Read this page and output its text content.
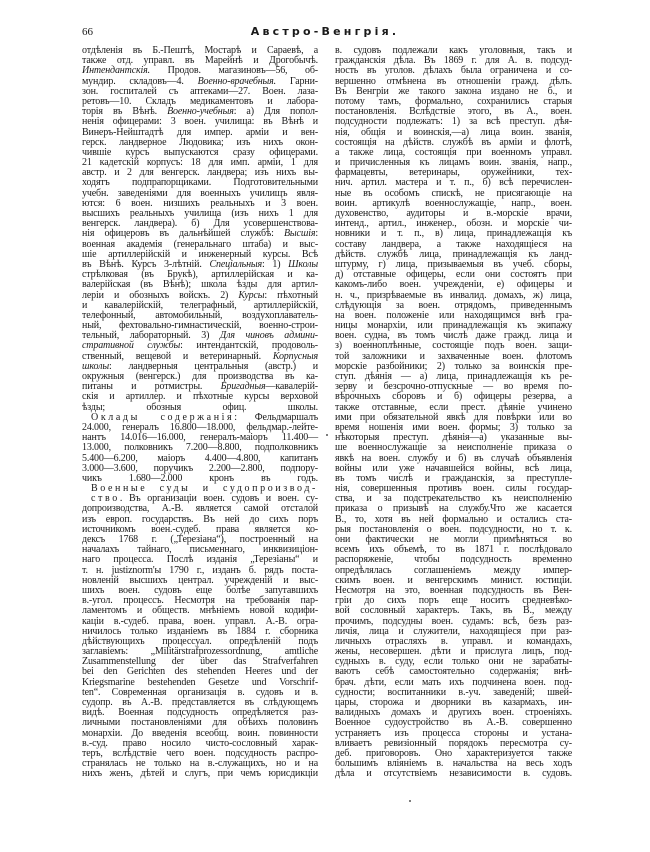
66	Австро-Венгрія.
отдѣленія въ Б.-Пештѣ, Мостарѣ и Сараевѣ, а
также отд. управл. въ Марейнѣ и Дрогобычѣ.
Интендантскія. Продов. магазиновъ—56, об-
мундир. складовъ—4. Военно-врачебныя. Гарни-
зон. госпиталей съ аптеками—27. Воен. лаза-
ретовъ—10. Складъ медикаментовъ и лабора-
торія въ Вѣнѣ. Военно-учебныя: а) Для попол-
ненія офицерами: 3 воен. училища: въ Вѣнѣ и
Винеръ-Нейштадтѣ для импер. арміи и вен-
герск. ландверное Людовика; изъ нихъ окон-
чившіе курсъ выпускаются сразу офицерами.
21 кадетскій корпусъ: 18 для имп. арміи, 1 для
австр. и 2 для венгерск. ландвера; изъ нихъ вы-
ходятъ подпрапорщиками. Подготовительными
учебн. заведеніями для военныхъ училищъ явля-
ются: 6 воен. низшихъ реальныхъ и 3 воен.
высшихъ реальныхъ училища (изъ нихъ 1 для
венгерск. ландвера). б) Для усовершенствова-
нія офицеровъ въ дальнѣйшей службѣ: Высшія:
военная академія (генеральнаго штаба) и выс-
шіе артиллерійскій и инженерный курсы. Всѣ
въ Вѣнѣ. Курсъ 3-лѣтній. Спеціальныя: 1) Школы
стрѣлковая (въ Брукѣ), артиллерійская и ка-
валерійская (въ Вѣнѣ); школа ѣзды для артил-
леріи и обозныхъ войскъ. 2) Курсы: пѣхотный
и кавалерійскій, телеграфный, артиллерійскій,
телефонный, автомобильный, воздухоплаватель-
ный, фехтовально-гимнастическій, военно-строи-
тельный, лабораторный. 3) Для чиновъ админи-
стративной службы: интендантскій, продоволь-
ственный, вещевой и ветеринарный. Корпусныя
школы: ландверныя центральныя (австр.) и
окружныя (венгерск.) для производства въ ка-
питаны и ротмистры. Бригадныя—кавалерій-
скія и артиллер. и пѣхотные курсы верховой
ѣзды; обозныя офиц. школы.
Оклады содержанія: Фельдмаршалъ
24.000, генералъ 16.800—18.000, фельдмар.-лейте-
нантъ 14.016—16.000, генералъ-маіоръ 11.400—
13.000, полковникъ 7.200—8.800, подполковникъ
5.400—6.200, маіоръ 4.400—4.800, капитанъ
3.000—3.600, поручикъ 2.200—2.800, подпору-
чикъ 1.680—2.000 кронъ въ годъ.
Военные суды и судопроизвод-
ство. Въ организаціи воен. судовъ и воен. су-
допроизводства, А.-В. является самой отсталой
изъ европ. государствъ. Въ ней до сихъ поръ
источникомъ воен.-судеб. права является ко-
дексъ 1768 г. („Терезіана“), построенный на
началахъ тайнаго, письменнаго, инквизиціон-
наго процесса. Послѣ изданія „Терезіаны“ и
т. н. justiznorm'ы 1790 г., изданъ б. рядъ поста-
новленій высшихъ централ. учрежденій и выс-
шихъ воен. судовъ еще болѣе запутавшихъ
в.-угол. процессъ. Несмотря на требованія пар-
ламентомъ и обществ. мнѣніемъ новой кодифи-
каціи в.-судеб. права, воен. управл. А.-В. огра-
ничилось только изданіемъ въ 1884 г. сборника
дѣйствующихъ процессуал. опредѣленій подъ
заглавіемъ: „Militärstrafprozessordnung, amtliche
Zusammenstellung der über das Strafverfahren
bei den Gerichten des stehenden Heeres und der
Kriegsmarine bestehenden Gesetze und Vorschrif-
ten“. Современная организація в. судовъ и в.
судопр. въ А.-В. представляется въ слѣдующемъ
видѣ. Военная подсудность опредѣляется раз-
личными постановленіями для обѣихъ половинъ
монархіи. До введенія всеобщ. воин. повинности
в.-суд. право носило чисто-сословный харак-
теръ, вслѣдствіе чего воен. подсудность распро-
странялась не только на в.-служащихъ, но и на
нихъ женъ, дѣтей и слугъ, при чемъ юрисдикціи
в. судовъ подлежали какъ уголовныя, такъ и
гражданскія дѣла. Въ 1869 г. для А. в. подсуд-
ность въ уголов. дѣлахъ была ограничена и со-
вершенно отмѣнена въ отношеніи гражд. дѣлъ.
Въ Венгріи же такого закона издано не б., и
потому тамъ, формально, сохранились старыя
постановленія. Вслѣдствіе этого, въ А., воен.
подсудности подлежатъ: 1) за всѣ преступ. дѣя-
нія, общія и воинскія,—а) лица воин. званія,
состоящія на дѣйств. службѣ въ арміи и флотѣ,
а также лица, состоящія при военномъ управл.
и причисленныя къ лицамъ воин. званія, напр.,
фармацевты, ветеринары, оружейники, тех-
нич. артил. мастера и т. п., б) всѣ перечислен-
ные въ особомъ спискѣ, не присягающіе на
воин. артикулѣ военнослужащіе, напр., воен.
духовенство, аудиторы и в.-морскіе врачи,
интенд., артил., инженер., обозн. и морскіе чи-
новники и т. п., в) лица, принадлежащія къ
составу ландвера, а также находящіеся на
дѣйств. службѣ лица, принадлежащія къ ланд-
штурму, г) лица, призываемыя въ учеб. сборы,
д) отставные офицеры, если они состоятъ при
какомъ-либо воен. учрежденіи, е) офицеры и
н. ч., призрѣваемые въ инвалид. домахъ, ж) лица,
слѣдующія за воен. отрядомъ, приведеннымъ
на воен. положеніе или находящимся внѣ гра-
ницы монархіи, или принадлежащія къ экипажу
воен. судна, въ томъ числѣ даже гражд. лица и
з) военноплѣнные, состоящіе подъ воен. защи-
той заложники и захваченные воен. флотомъ
морскіе разбойники; 2) только за воинскія пре-
ступ. дѣянія — а) лица, принадлежащія къ ре-
зерву и безсрочно-отпускные — во время по-
вѣрочныхъ сборовъ и б) офицеры резерва, а
также отставные, если прест. дѣяніе учинено
ими при обязательной явкѣ для повѣрки или во
время ношенія ими воен. формы; 3) только за
нѣкоторыя преступ. дѣянія—а) указанные вы-
ше военнослужащіе за неисполненіе приказа о
явкѣ на воен. службу и б) въ случаѣ объявленія
войны или уже начавшейся войны, всѣ лица,
въ томъ числѣ и гражданскія, за преступле-
нія, совершенныя противъ воен. силы государ-
ства, и за подстрекательство къ неисполненію
приказа о призывѣ на службу.Что же касается
В., то, хотя въ ней формально и остались ста-
рыя постановленія о воен. подсудности, но т. к.
они фактически не могли примѣняться во
всемъ ихъ объемѣ, то въ 1871 г. послѣдовало
распоряженіе, чтобы подсудность временно
опредѣлялась соглашеніемъ между импер-
скимъ воен. и венгерскимъ минист. юстиціи.
Несмотря на это, военная подсудность въ Вен-
гріи до сихъ поръ еще носитъ средневѣко-
вой сословный характеръ. Такъ, въ В., между
прочимъ, подсудны воен. судамъ: всѣ, безъ раз-
личія, лица и служители, находящіеся при раз-
личныхъ отрасляхъ в. управл. и командахъ,
жены, несовершен. дѣти и прислуга лицъ, под-
судныхъ в. суду, если только они не зарабаты-
ваютъ себѣ самостоятельно содержанія; внѣ-
брач. дѣти, если мать ихъ подчинена воен. под-
судности; воспитанники в.-уч. заведеній; швей-
цары, сторожа и дворники въ казармахъ, ин-
валидныхъ домахъ и другихъ воен. строеніяхъ.
Военное судоустройство въ А.-В. совершенно
устраняетъ изъ процесса стороны и устана-
вливаетъ ревизіонный порядокъ пересмотра су-
деб. приговоровъ. Оно характеризуется также
большимъ вліяніемъ в. начальства на весь ходъ
дѣла и отсутствіемъ независимости в. судовъ.
